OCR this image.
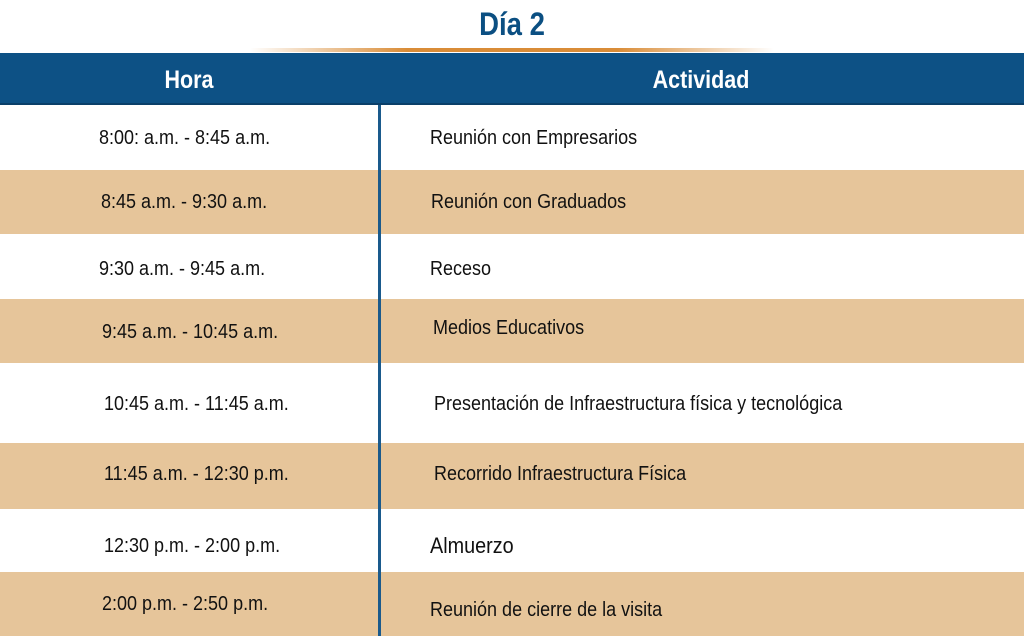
Día 2
Hora	Actividad
8:00: a.m. - 8:45 a.m.	Reunión con Empresarios
8:45 a.m. - 9:30 a.m.	Reunión con Graduados
9:30 a.m. - 9:45 a.m.	Receso
9:45 a.m. - 10:45 a.m.	Medios Educativos
10:45 a.m. - 11:45 a.m.	Presentación de Infraestructura física y tecnológica
11:45 a.m. - 12:30 p.m.	Recorrido Infraestructura Física
12:30 p.m. - 2:00 p.m.	Almuerzo
2:00 p.m. - 2:50 p.m.	Reunión de cierre de la visita
